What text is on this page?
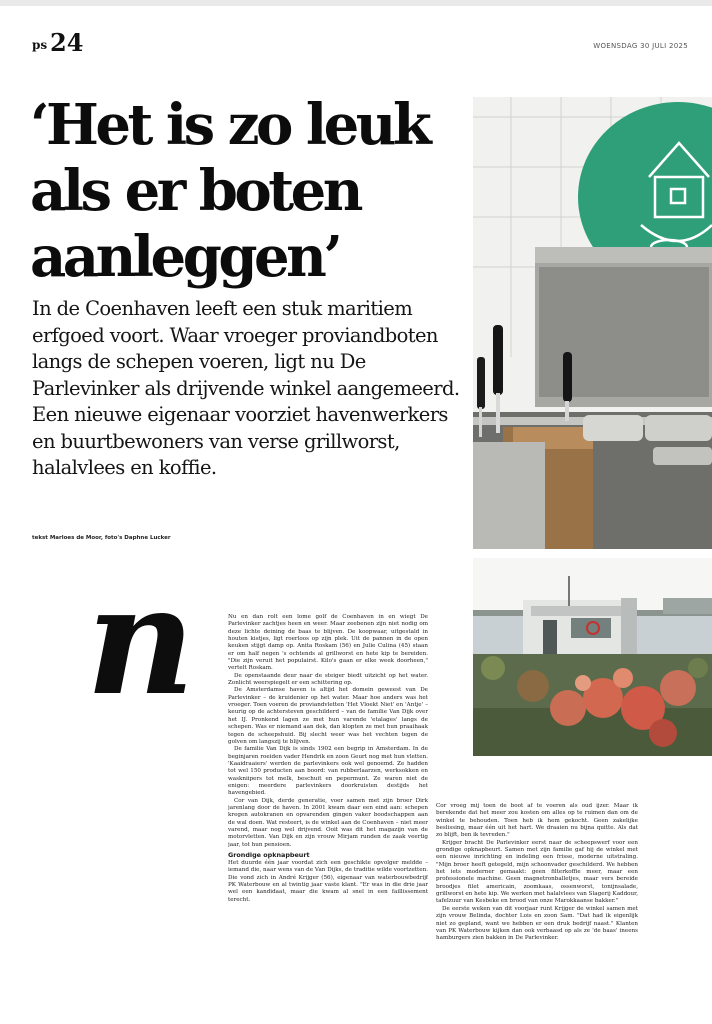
ps 24	WOENSDAG 30 JULI 2025
‘Het is zo leuk
als er boten
aanleggen’

In de Coenhaven leeft een stuk maritiem erfgoed voort. Waar vroeger proviandboten langs de schepen voeren, ligt nu De Parlevinker als drijvende winkel aangemeerd. Een nieuwe eigenaar voorziet havenwerkers en buurtbewoners van verse grillworst, halalvlees en koffie.

tekst Marloes de Moor, foto's Daphne Lucker
n	Nu en dan rolt een lome golf de Coenhaven in en wiegt De Parlevinker zachtjes heen en weer. Maar zeebenen zijn niet nodig om deze lichte deining de baas te blijven. De koopwaar, uitgestald in houten kistjes, ligt roerloos op zijn plek. Uit de pannen in de open keuken stijgt damp op. Anita Roskam (56) en Julie Culina (45) staan er om half negen 's ochtends al grillworst en hete kip te bereiden. "Die zijn veruit het populairst. Kilo's gaan er elke week doorheen," vertelt Roskam.

De openstaande deur naar de steiger biedt uitzicht op het water. Zonlicht weerspiegelt er een schittering op.

De Amsterdamse haven is altijd het domein geweest van De Parlevinker – de kruidenier op het water. Maar hoe anders was het vroeger. Toen voeren de proviandvletten 'Het Vloekt Niet' en 'Antje' – keurig op de achtersteven geschilderd – van de familie Van Dijk over het IJ. Pronkend lagen ze met hun varende 'etalages' langs de schepen. Was er niemand aan dek, dan klopten ze met hun praaihaak tegen de scheepshuid. Bij slecht weer was het vechten tegen de golven om langszij te blijven.

De familie Van Dijk is sinds 1902 een begrip in Amsterdam. In de beginjaren roeiden vader Hendrik en zoon Geurt nog met hun vletten. 'Kaaidraaiers' werden de parlevinkers ook wel genoemd. Ze hadden tot wel 150 producten aan boord: van rubberlaarzen, werksokken en waskniipers tot melk, beschuit en pepermunt. Ze waren niet de enigen: meerdere parlevinkers doorkruisten destijds het havengebied.

Cor van Dijk, derde generatie, voer samen met zijn broer Dirk jarenlang door de haven. In 2001 kwam daar een eind aan: schepen kregen autokranen en opvarenden gingen vaker boodschappen aan de wal doen. Wat resteert, is de winkel aan de Coenhaven – niet meer varend, maar nog wel drijvend. Ooit was dit het magazijn van de motorvletten. Van Dijk en zijn vrouw Mirjam runden de zaak veertig jaar, tot hun pensioen.

Grondige opknapbeurt

Het duurde één jaar voordat zich een geschikte opvolger meldde – iemand die, naar wens van de Van Dijks, de traditie wilde voortzetten. Die vond zich in André Krijger (56), eigenaar van waterbouwbedrijf PK Waterbouw en al twintig jaar vaste klant. "Er was in die drie jaar wel een kandidaat, maar die kwam al snel in een faillissement terecht.

Cor vroeg mij toen de boot af te voeren als oud ijzer. Maar ik berekende dat het meer zou kosten om alles op te ruimen dan om de winkel te behouden. Toen heb ik hem gekocht. Geen zakelijke beslissing, maar één uit het hart. We draaien nu bijna quitte. Als dat zo blijft, ben ik tevreden."

Krijger bracht De Parlevinker eerst naar de scheepswerf voor een grondige opknapbeurt. Samen met zijn familie gaf hij de winkel met een nieuwe inrichting en indeling een frisse, moderne uitstraling. "Mijn broer heeft getegeld, mijn schoonvader geschilderd. We hebben het iets moderner gemaakt: geen filterkoffie meer, maar een professionele machine. Geen magnetronballetjes, maar vers bereide broodjes filet americain, zoomkaas, ossenworst, tonijnsalade, grillworst en hete kip. We werken met halalvlees van Slagerij Kaddour, tafelzuur van Kesbeke en brood van onze Marokkaanse bakker."

De eerste weken van dit voorjaar runt Krijger de winkel samen met zijn vrouw Belinda, dochter Lois en zoon Sam. "Dat had ik eigenlijk niet zo gepland, want we hebben er een druk bedrijf naast." Klanten van PK Waterbouw kijken dan ook verbaasd op als ze 'de baas' ineens hamburgers zien bakken in De Parlevinker.
